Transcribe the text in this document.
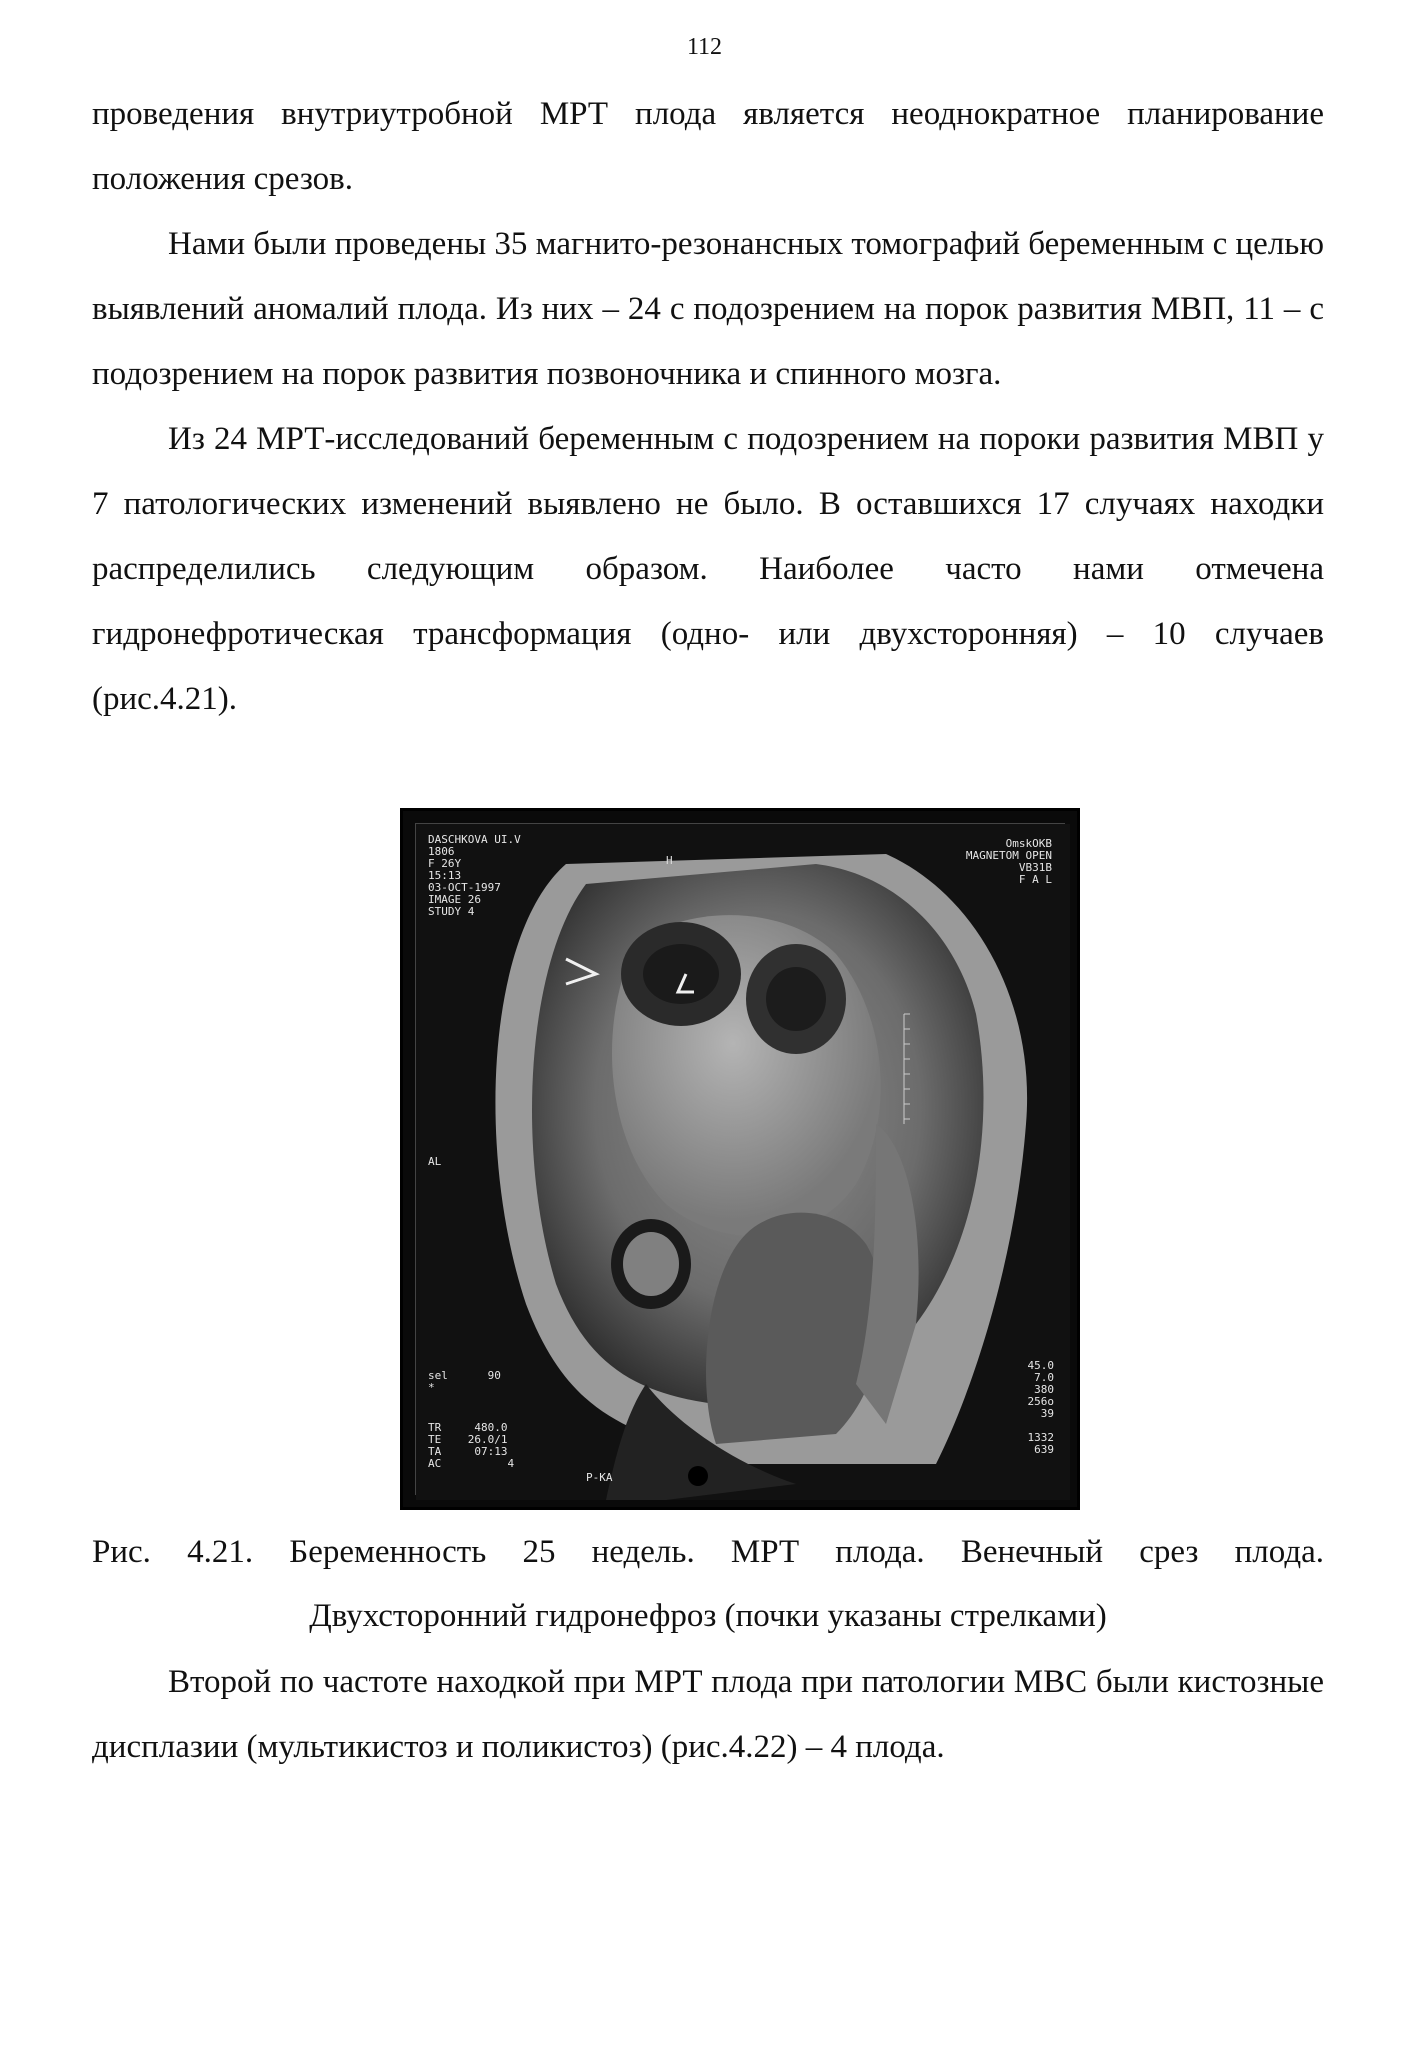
112

проведения внутриутробной МРТ плода является неоднократное планирование положения срезов.

Нами были проведены 35 магнито-резонансных томографий беременным с целью выявлений аномалий плода. Из них – 24 с подозрением на порок развития МВП, 11 – с подозрением на порок развития позвоночника и спинного мозга.

Из 24 МРТ-исследований беременным с подозрением на пороки развития МВП у 7 патологических изменений выявлено не было. В оставшихся 17 случаях находки распределились следующим образом. Наиболее часто нами отмечена гидронефротическая трансформация (одно- или двухсторонняя) – 10 случаев (рис.4.21).

H
DASCHKOVA UI.V
1806
F 26Y
15:13
03-OCT-1997
IMAGE 26
STUDY 4
OmskOKB
MAGNETOM OPEN
VB31B
F A L
AL
sel      90
*
TR     480.0
TE    26.0/1
TA     07:13
AC          4
45.0
7.0
380
256o
39

1332
639
P-KA
Рис. 4.21. Беременность 25 недель. МРТ плода. Венечный срез плода.
Двухсторонний гидронефроз (почки указаны стрелками)

Второй по частоте находкой при МРТ плода при патологии МВС были кистозные дисплазии (мультикистоз и поликистоз) (рис.4.22) – 4 плода.
